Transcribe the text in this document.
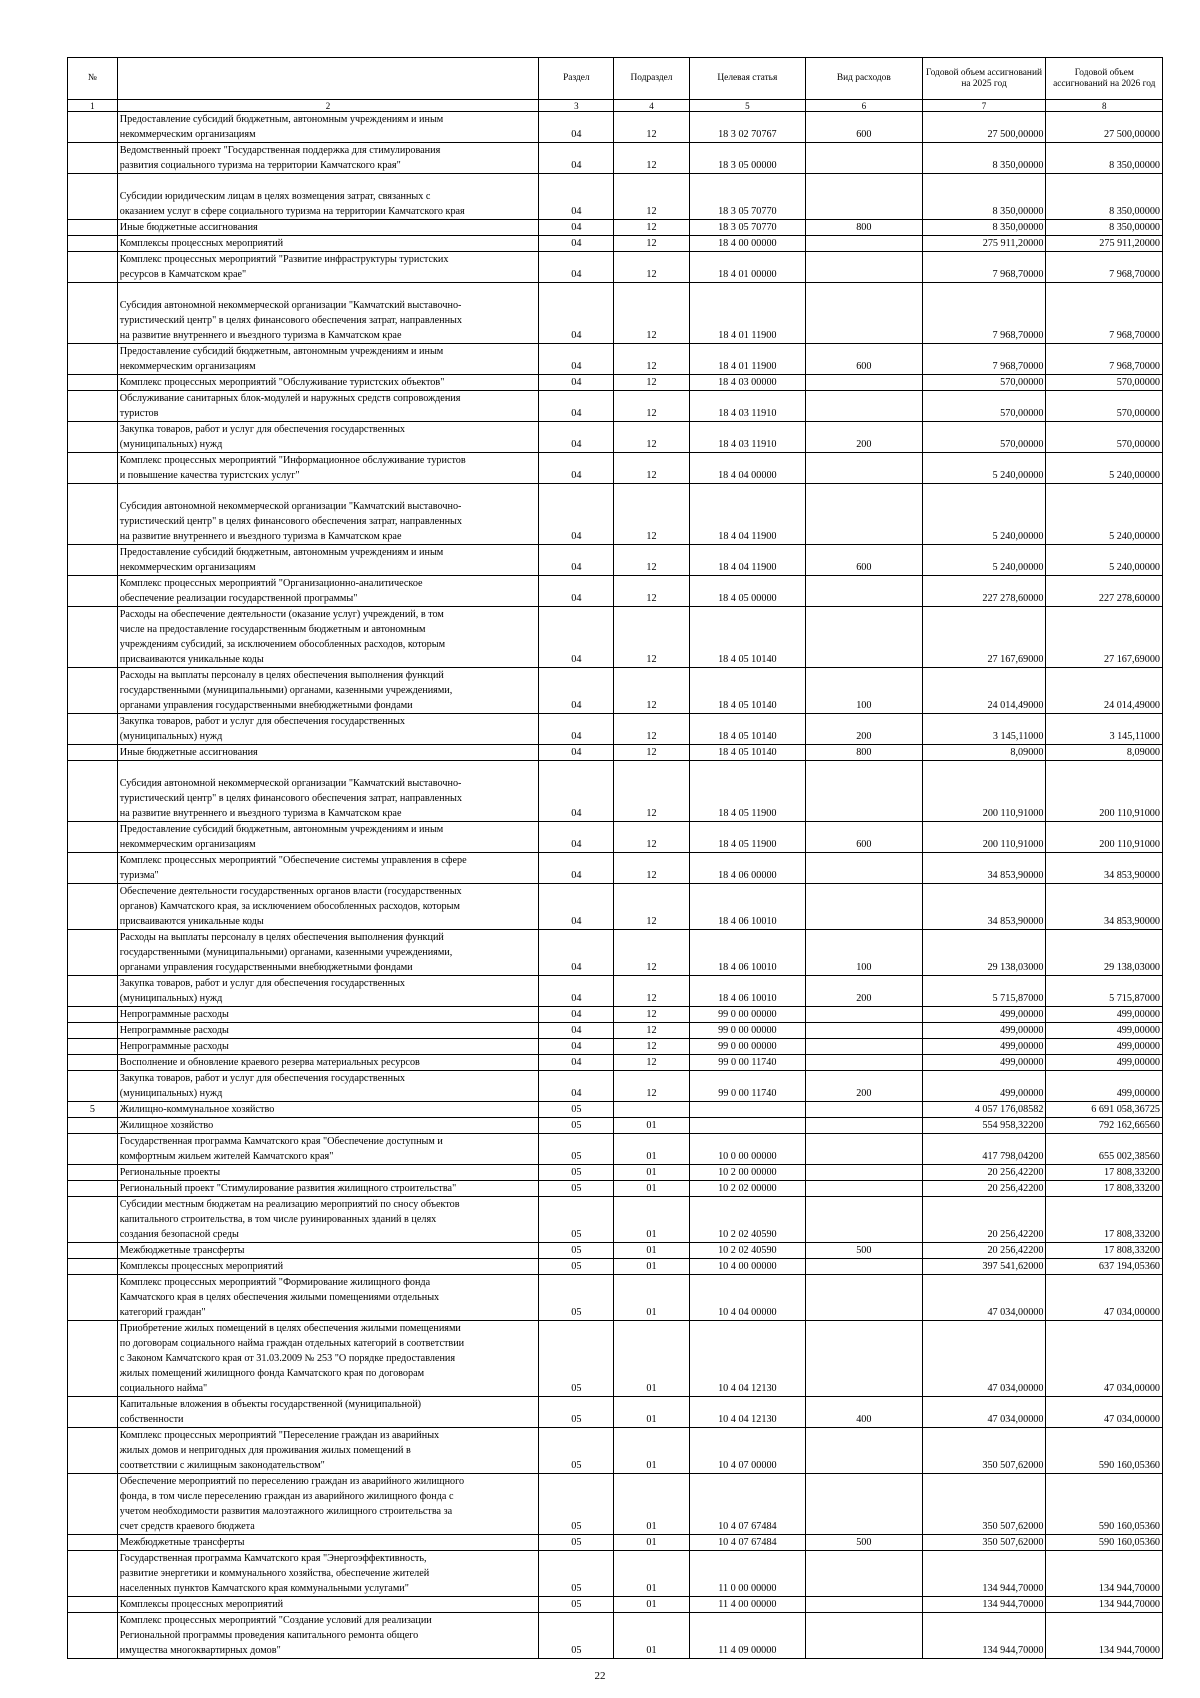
№		Раздел	Подраздел	Целевая статья	Вид расходов	Годовой объем ассигнований на 2025 год	Годовой объем ассигнований на 2026 год
1	2	3	4	5	6	7	8
	Предоставление субсидий бюджетным, автономным учреждениям и иным
некоммерческим организациям	04	12	18 3 02 70767	600	27 500,00000	27 500,00000
	Ведомственный проект "Государственная поддержка для стимулирования
развития социального туризма на территории Камчатского края"	04	12	18 3 05 00000		8 350,00000	8 350,00000

Субсидии юридическим лицам в целях возмещения затрат, связанных с
оказанием услуг в сфере социального туризма на территории Камчатского края	04	12	18 3 05 70770		8 350,00000	8 350,00000
	Иные бюджетные ассигнования	04	12	18 3 05 70770	800	8 350,00000	8 350,00000
	Комплексы процессных мероприятий	04	12	18 4 00 00000		275 911,20000	275 911,20000
	Комплекс процессных мероприятий "Развитие инфраструктуры туристских
ресурсов в Камчатском крае"	04	12	18 4 01 00000		7 968,70000	7 968,70000

Субсидия автономной некоммерческой организации "Камчатский выставочно-
туристический центр" в целях финансового обеспечения затрат, направленных
на развитие внутреннего и въездного туризма в Камчатском крае	04	12	18 4 01 11900		7 968,70000	7 968,70000
	Предоставление субсидий бюджетным, автономным учреждениям и иным
некоммерческим организациям	04	12	18 4 01 11900	600	7 968,70000	7 968,70000
	Комплекс процессных мероприятий "Обслуживание туристских объектов"	04	12	18 4 03 00000		570,00000	570,00000
	Обслуживание санитарных блок-модулей и наружных средств сопровождения
туристов	04	12	18 4 03 11910		570,00000	570,00000
	Закупка товаров, работ и услуг для обеспечения государственных
(муниципальных) нужд	04	12	18 4 03 11910	200	570,00000	570,00000
	Комплекс процессных мероприятий "Информационное обслуживание туристов
и повышение качества туристских услуг"	04	12	18 4 04 00000		5 240,00000	5 240,00000

Субсидия автономной некоммерческой организации "Камчатский выставочно-
туристический центр" в целях финансового обеспечения затрат, направленных
на развитие внутреннего и въездного туризма в Камчатском крае	04	12	18 4 04 11900		5 240,00000	5 240,00000
	Предоставление субсидий бюджетным, автономным учреждениям и иным
некоммерческим организациям	04	12	18 4 04 11900	600	5 240,00000	5 240,00000
	Комплекс процессных мероприятий "Организационно-аналитическое
обеспечение реализации государственной программы"	04	12	18 4 05 00000		227 278,60000	227 278,60000
	Расходы на обеспечение деятельности (оказание услуг) учреждений, в том
числе на предоставление государственным бюджетным и автономным
учреждениям субсидий, за исключением обособленных расходов, которым
присваиваются уникальные коды	04	12	18 4 05 10140		27 167,69000	27 167,69000
	Расходы на выплаты персоналу в целях обеспечения выполнения функций
государственными (муниципальными) органами, казенными учреждениями,
органами управления государственными внебюджетными фондами	04	12	18 4 05 10140	100	24 014,49000	24 014,49000
	Закупка товаров, работ и услуг для обеспечения государственных
(муниципальных) нужд	04	12	18 4 05 10140	200	3 145,11000	3 145,11000
	Иные бюджетные ассигнования	04	12	18 4 05 10140	800	8,09000	8,09000

Субсидия автономной некоммерческой организации "Камчатский выставочно-
туристический центр" в целях финансового обеспечения затрат, направленных
на развитие внутреннего и въездного туризма в Камчатском крае	04	12	18 4 05 11900		200 110,91000	200 110,91000
	Предоставление субсидий бюджетным, автономным учреждениям и иным
некоммерческим организациям	04	12	18 4 05 11900	600	200 110,91000	200 110,91000
	Комплекс процессных мероприятий "Обеспечение системы управления в сфере
туризма"	04	12	18 4 06 00000		34 853,90000	34 853,90000
	Обеспечение деятельности государственных органов власти (государственных
органов) Камчатского края, за исключением обособленных расходов, которым
присваиваются уникальные коды	04	12	18 4 06 10010		34 853,90000	34 853,90000
	Расходы на выплаты персоналу в целях обеспечения выполнения функций
государственными (муниципальными) органами, казенными учреждениями,
органами управления государственными внебюджетными фондами	04	12	18 4 06 10010	100	29 138,03000	29 138,03000
	Закупка товаров, работ и услуг для обеспечения государственных
(муниципальных) нужд	04	12	18 4 06 10010	200	5 715,87000	5 715,87000
	Непрограммные расходы	04	12	99 0 00 00000		499,00000	499,00000
	Непрограммные расходы	04	12	99 0 00 00000		499,00000	499,00000
	Непрограммные расходы	04	12	99 0 00 00000		499,00000	499,00000
	Восполнение и обновление краевого резерва материальных ресурсов	04	12	99 0 00 11740		499,00000	499,00000
	Закупка товаров, работ и услуг для обеспечения государственных
(муниципальных) нужд	04	12	99 0 00 11740	200	499,00000	499,00000
5	Жилищно-коммунальное хозяйство	05				4 057 176,08582	6 691 058,36725
	Жилищное хозяйство	05	01			554 958,32200	792 162,66560
	Государственная программа Камчатского края "Обеспечение доступным и
комфортным жильем жителей Камчатского края"	05	01	10 0 00 00000		417 798,04200	655 002,38560
	Региональные проекты	05	01	10 2 00 00000		20 256,42200	17 808,33200
	Региональный проект "Стимулирование развития жилищного строительства"	05	01	10 2 02 00000		20 256,42200	17 808,33200
	Субсидии местным бюджетам на реализацию мероприятий по сносу объектов
капитального строительства, в том числе руинированных зданий в целях
создания безопасной среды	05	01	10 2 02 40590		20 256,42200	17 808,33200
	Межбюджетные трансферты	05	01	10 2 02 40590	500	20 256,42200	17 808,33200
	Комплексы процессных мероприятий	05	01	10 4 00 00000		397 541,62000	637 194,05360
	Комплекс процессных мероприятий "Формирование жилищного фонда
Камчатского края в целях обеспечения жилыми помещениями отдельных
категорий граждан"	05	01	10 4 04 00000		47 034,00000	47 034,00000
	Приобретение жилых помещений в целях обеспечения жилыми помещениями
по договорам социального найма граждан отдельных категорий в соответствии
с Законом Камчатского края от 31.03.2009 № 253 "О порядке предоставления
жилых помещений жилищного фонда Камчатского края по договорам
социального найма"	05	01	10 4 04 12130		47 034,00000	47 034,00000
	Капитальные вложения в объекты государственной (муниципальной)
собственности	05	01	10 4 04 12130	400	47 034,00000	47 034,00000
	Комплекс процессных мероприятий "Переселение граждан из аварийных
жилых домов и непригодных для проживания жилых помещений в
соответствии с жилищным законодательством"	05	01	10 4 07 00000		350 507,62000	590 160,05360
	Обеспечение мероприятий по переселению граждан из аварийного жилищного
фонда, в том числе переселению граждан из аварийного жилищного фонда с
учетом необходимости развития малоэтажного жилищного строительства за
счет средств краевого бюджета	05	01	10 4 07 67484		350 507,62000	590 160,05360
	Межбюджетные трансферты	05	01	10 4 07 67484	500	350 507,62000	590 160,05360
	Государственная программа Камчатского края "Энергоэффективность,
развитие энергетики и коммунального хозяйства, обеспечение жителей
населенных пунктов Камчатского края коммунальными услугами"	05	01	11 0 00 00000		134 944,70000	134 944,70000
	Комплексы процессных мероприятий	05	01	11 4 00 00000		134 944,70000	134 944,70000
	Комплекс процессных мероприятий "Создание условий для реализации
Региональной программы проведения капитального ремонта общего
имущества многоквартирных домов"	05	01	11 4 09 00000		134 944,70000	134 944,70000
22
